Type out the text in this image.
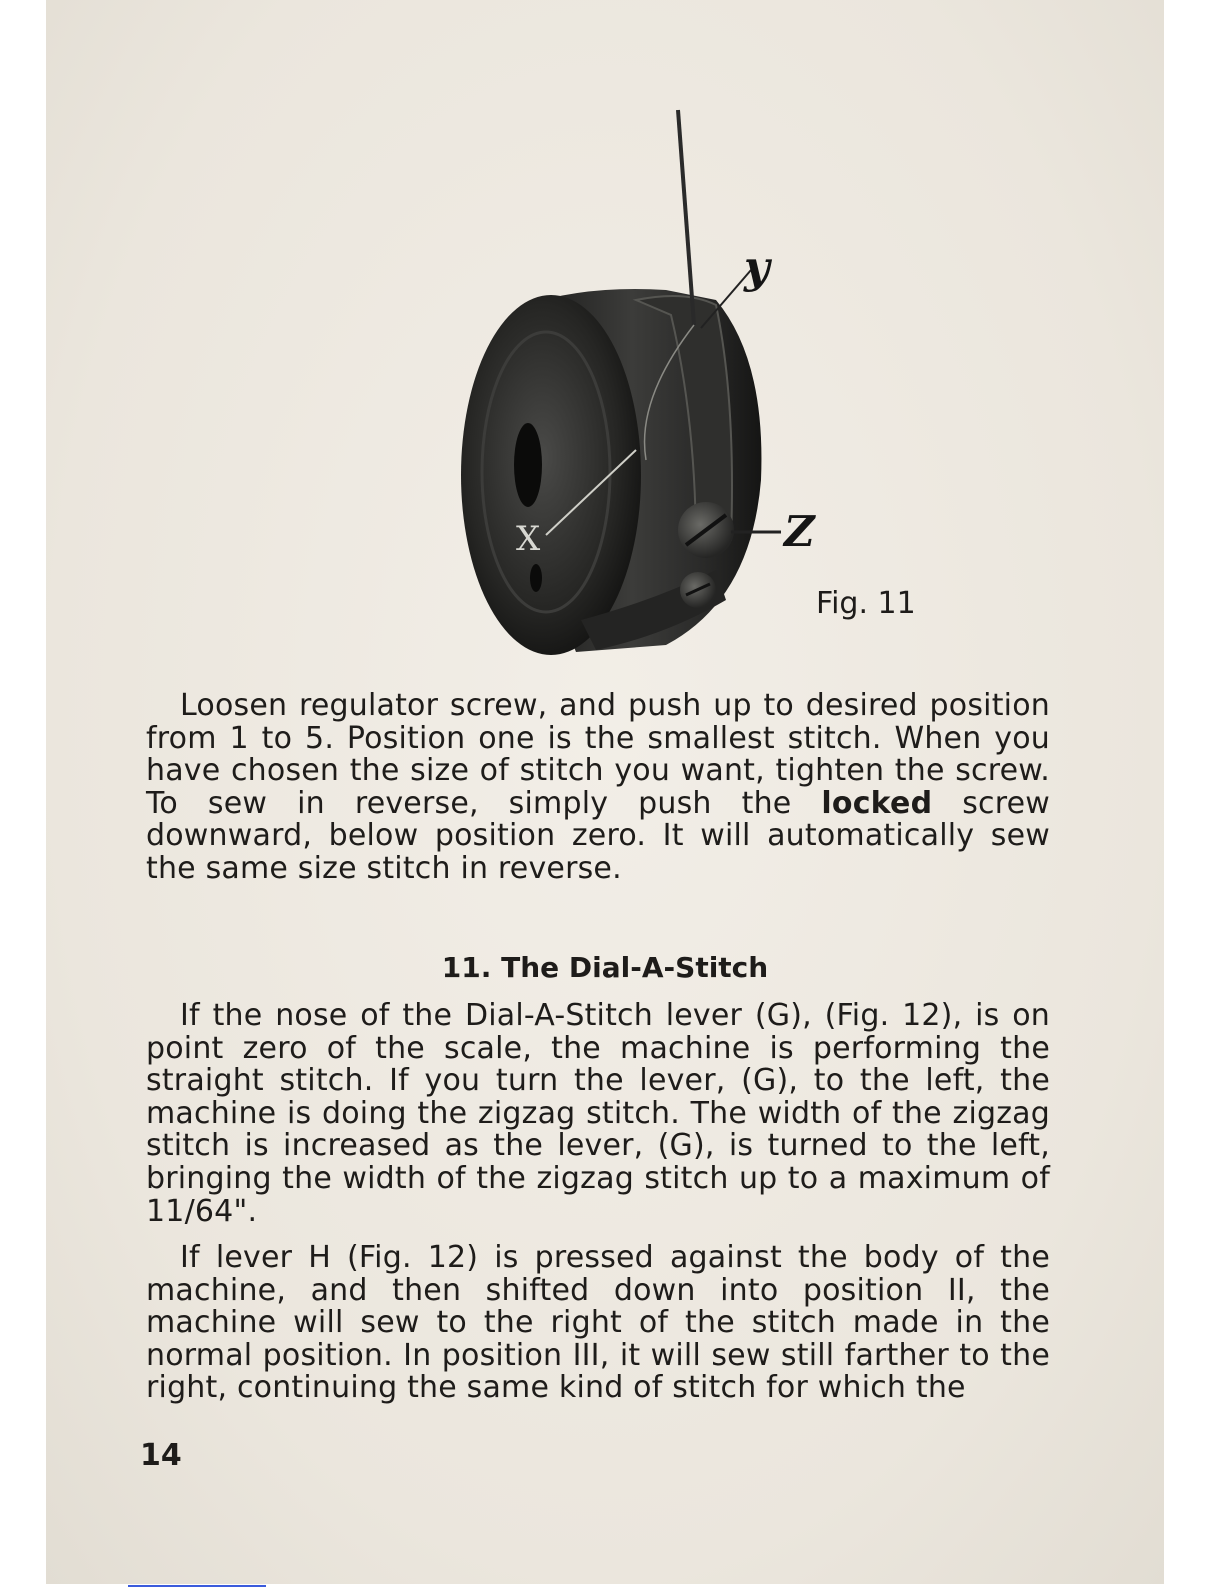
y
X	Z
Fig. 11

Loosen regulator screw, and push up to desired position from 1 to 5. Position one is the smallest stitch. When you have chosen the size of stitch you want, tighten the screw. To sew in reverse, simply push the locked screw downward, below position zero. It will automatically sew the same size stitch in reverse.

11. The Dial-A-Stitch

If the nose of the Dial-A-Stitch lever (G), (Fig. 12), is on point zero of the scale, the machine is performing the straight stitch. If you turn the lever, (G), to the left, the machine is doing the zigzag stitch. The width of the zigzag stitch is increased as the lever, (G), is turned to the left, bringing the width of the zigzag stitch up to a maximum of 11/64".

If lever H (Fig. 12) is pressed against the body of the machine, and then shifted down into position II, the machine will sew to the right of the stitch made in the normal position. In position III, it will sew still farther to the right, continuing the same kind of stitch for which the

14
